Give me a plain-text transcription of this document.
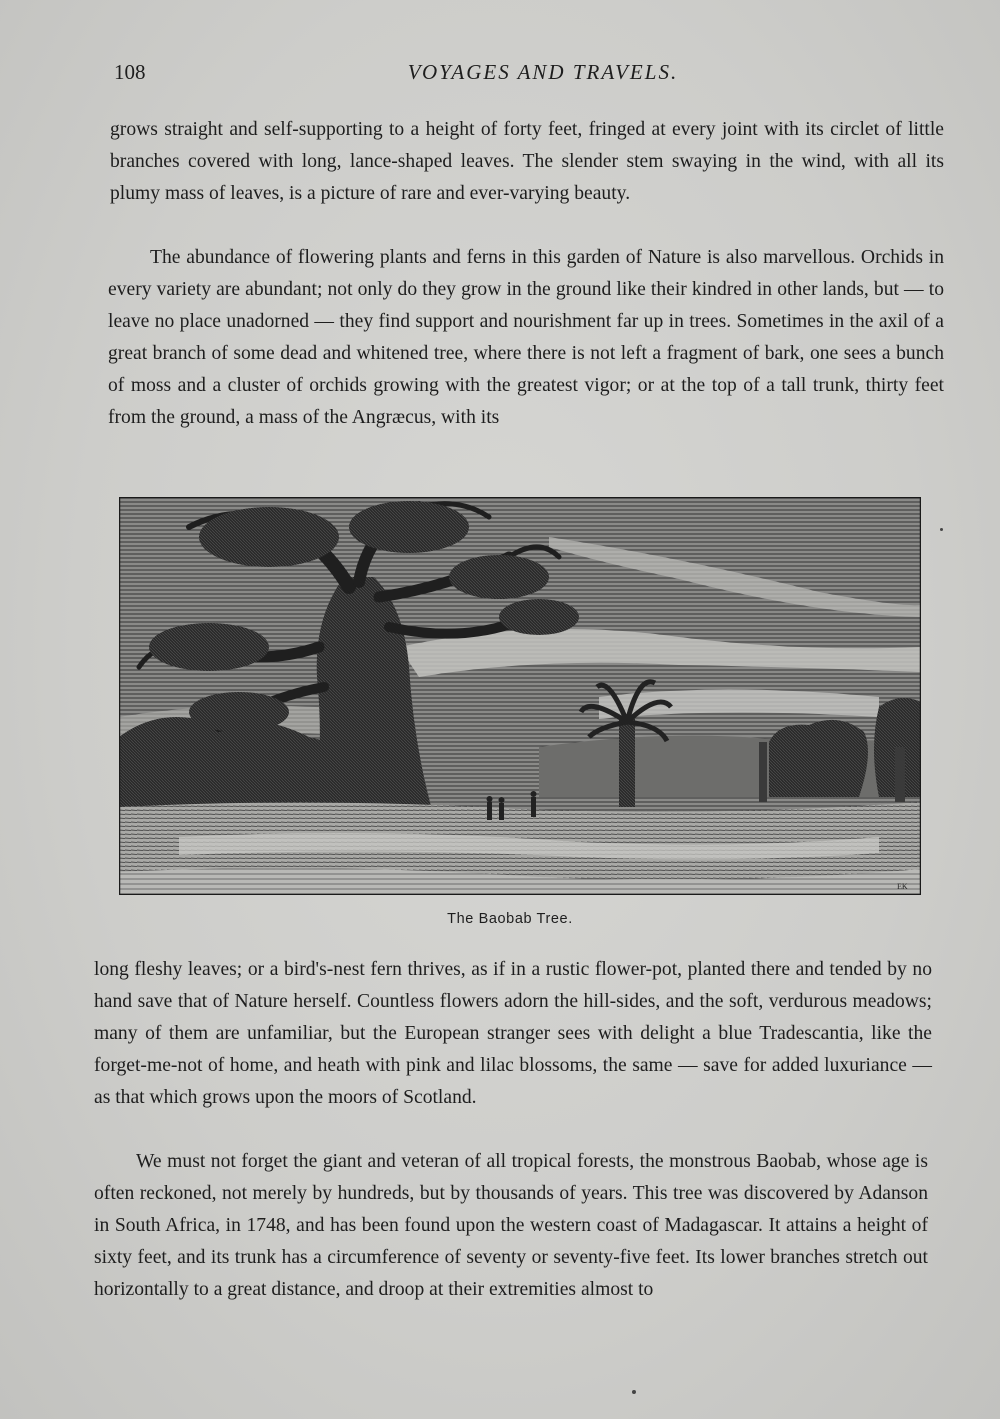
108	VOYAGES AND TRAVELS.

grows straight and self-supporting to a height of forty feet, fringed at every joint with its circlet of little branches covered with long, lance-shaped leaves. The slender stem swaying in the wind, with all its plumy mass of leaves, is a picture of rare and ever-varying beauty.

The abundance of flowering plants and ferns in this garden of Nature is also marvellous. Orchids in every variety are abundant; not only do they grow in the ground like their kindred in other lands, but — to leave no place unadorned — they find support and nourishment far up in trees. Sometimes in the axil of a great branch of some dead and whitened tree, where there is not left a fragment of bark, one sees a bunch of moss and a cluster of orchids growing with the greatest vigor; or at the top of a tall trunk, thirty feet from the ground, a mass of the Angræcus, with its

EK
The Baobab Tree.

long fleshy leaves; or a bird's-nest fern thrives, as if in a rustic flower-pot, planted there and tended by no hand save that of Nature herself. Countless flowers adorn the hill-sides, and the soft, verdurous meadows; many of them are unfamiliar, but the European stranger sees with delight a blue Tradescantia, like the forget-me-not of home, and heath with pink and lilac blossoms, the same — save for added luxuriance — as that which grows upon the moors of Scotland.

We must not forget the giant and veteran of all tropical forests, the monstrous Baobab, whose age is often reckoned, not merely by hundreds, but by thousands of years. This tree was discovered by Adanson in South Africa, in 1748, and has been found upon the western coast of Madagascar. It attains a height of sixty feet, and its trunk has a circumference of seventy or seventy-five feet. Its lower branches stretch out horizontally to a great distance, and droop at their extremities almost to
